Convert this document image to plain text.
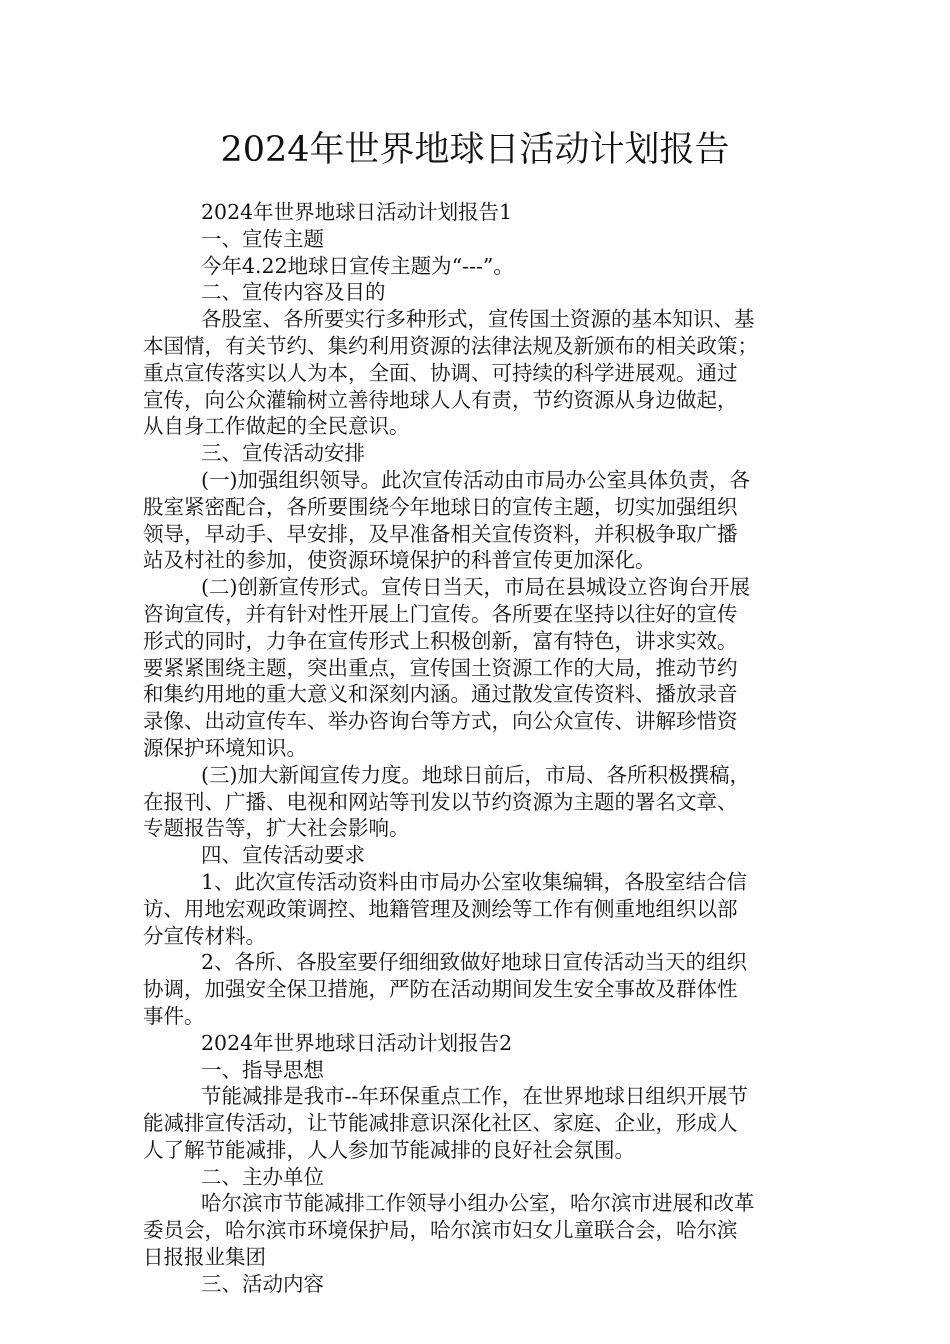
2024年世界地球日活动计划报告

2024年世界地球日活动计划报告1

一、宣传主题

今年4.22地球日宣传主题为“---”。

二、宣传内容及目的

各股室、各所要实行多种形式，宣传国土资源的基本知识、基

本国情，有关节约、集约利用资源的法律法规及新颁布的相关政策；

重点宣传落实以人为本，全面、协调、可持续的科学进展观。通过

宣传，向公众灌输树立善待地球人人有责，节约资源从身边做起，

从自身工作做起的全民意识。

三、宣传活动安排

(一)加强组织领导。此次宣传活动由市局办公室具体负责，各

股室紧密配合，各所要围绕今年地球日的宣传主题，切实加强组织

领导，早动手、早安排，及早准备相关宣传资料，并积极争取广播

站及村社的参加，使资源环境保护的科普宣传更加深化。

(二)创新宣传形式。宣传日当天，市局在县城设立咨询台开展

咨询宣传，并有针对性开展上门宣传。各所要在坚持以往好的宣传

形式的同时，力争在宣传形式上积极创新，富有特色，讲求实效。

要紧紧围绕主题，突出重点，宣传国土资源工作的大局，推动节约

和集约用地的重大意义和深刻内涵。通过散发宣传资料、播放录音

录像、出动宣传车、举办咨询台等方式，向公众宣传、讲解珍惜资

源保护环境知识。

(三)加大新闻宣传力度。地球日前后，市局、各所积极撰稿，

在报刊、广播、电视和网站等刊发以节约资源为主题的署名文章、

专题报告等，扩大社会影响。

四、宣传活动要求

1、此次宣传活动资料由市局办公室收集编辑，各股室结合信

访、用地宏观政策调控、地籍管理及测绘等工作有侧重地组织以部

分宣传材料。

2、各所、各股室要仔细细致做好地球日宣传活动当天的组织

协调，加强安全保卫措施，严防在活动期间发生安全事故及群体性

事件。

2024年世界地球日活动计划报告2

一、指导思想

节能减排是我市--年环保重点工作，在世界地球日组织开展节

能减排宣传活动，让节能减排意识深化社区、家庭、企业，形成人

人了解节能减排，人人参加节能减排的良好社会氛围。

二、主办单位

哈尔滨市节能减排工作领导小组办公室，哈尔滨市进展和改革

委员会，哈尔滨市环境保护局，哈尔滨市妇女儿童联合会，哈尔滨

日报报业集团

三、活动内容
